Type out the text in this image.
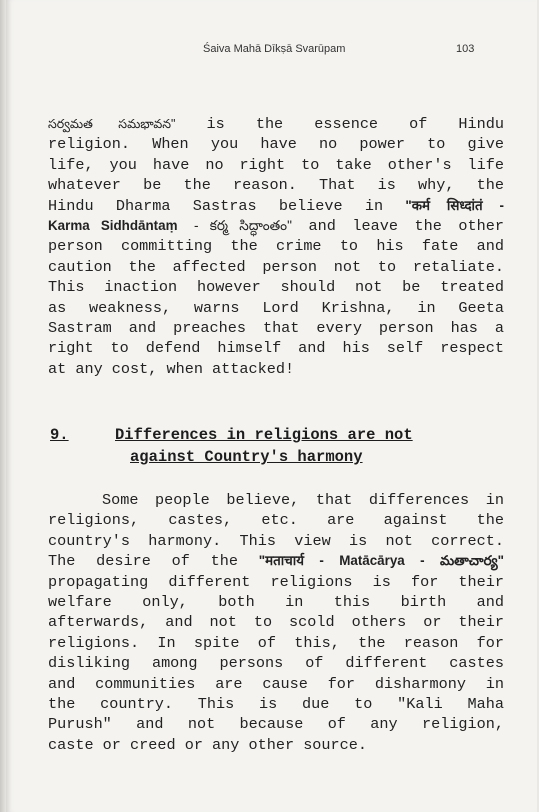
Śaiva Mahā Dīkṣā Svarūpam	103
సర్వమత సమభావన" is the essence of Hindu
religion. When you have no power to give
life, you have no right to take other's life
whatever be the reason. That is why, the
Hindu Dharma Sastras believe in "कर्म सिध्दांतं -
Karma Sidhdāntaṃ - కర్మ సిద్ధాంతం" and leave the other
person committing the crime to his fate and
caution the affected person not to retaliate.
This inaction however should not be treated
as weakness, warns Lord Krishna, in Geeta
Sastram and preaches that every person has a
right to defend himself and his self respect
at any cost, when attacked!
9.	Differences in religions are not
against Country's harmony
Some people believe, that differences in
religions, castes, etc. are against the
country's harmony. This view is not correct.
The desire of the "मताचार्य - Matācārya - మతాచార్య"
propagating different religions is for their
welfare only, both in this birth and
afterwards, and not to scold others or their
religions. In spite of this, the reason for
disliking among persons of different castes
and communities are cause for disharmony in
the country. This is due to "Kali Maha
Purush" and not because of any religion,
caste or creed or any other source.
